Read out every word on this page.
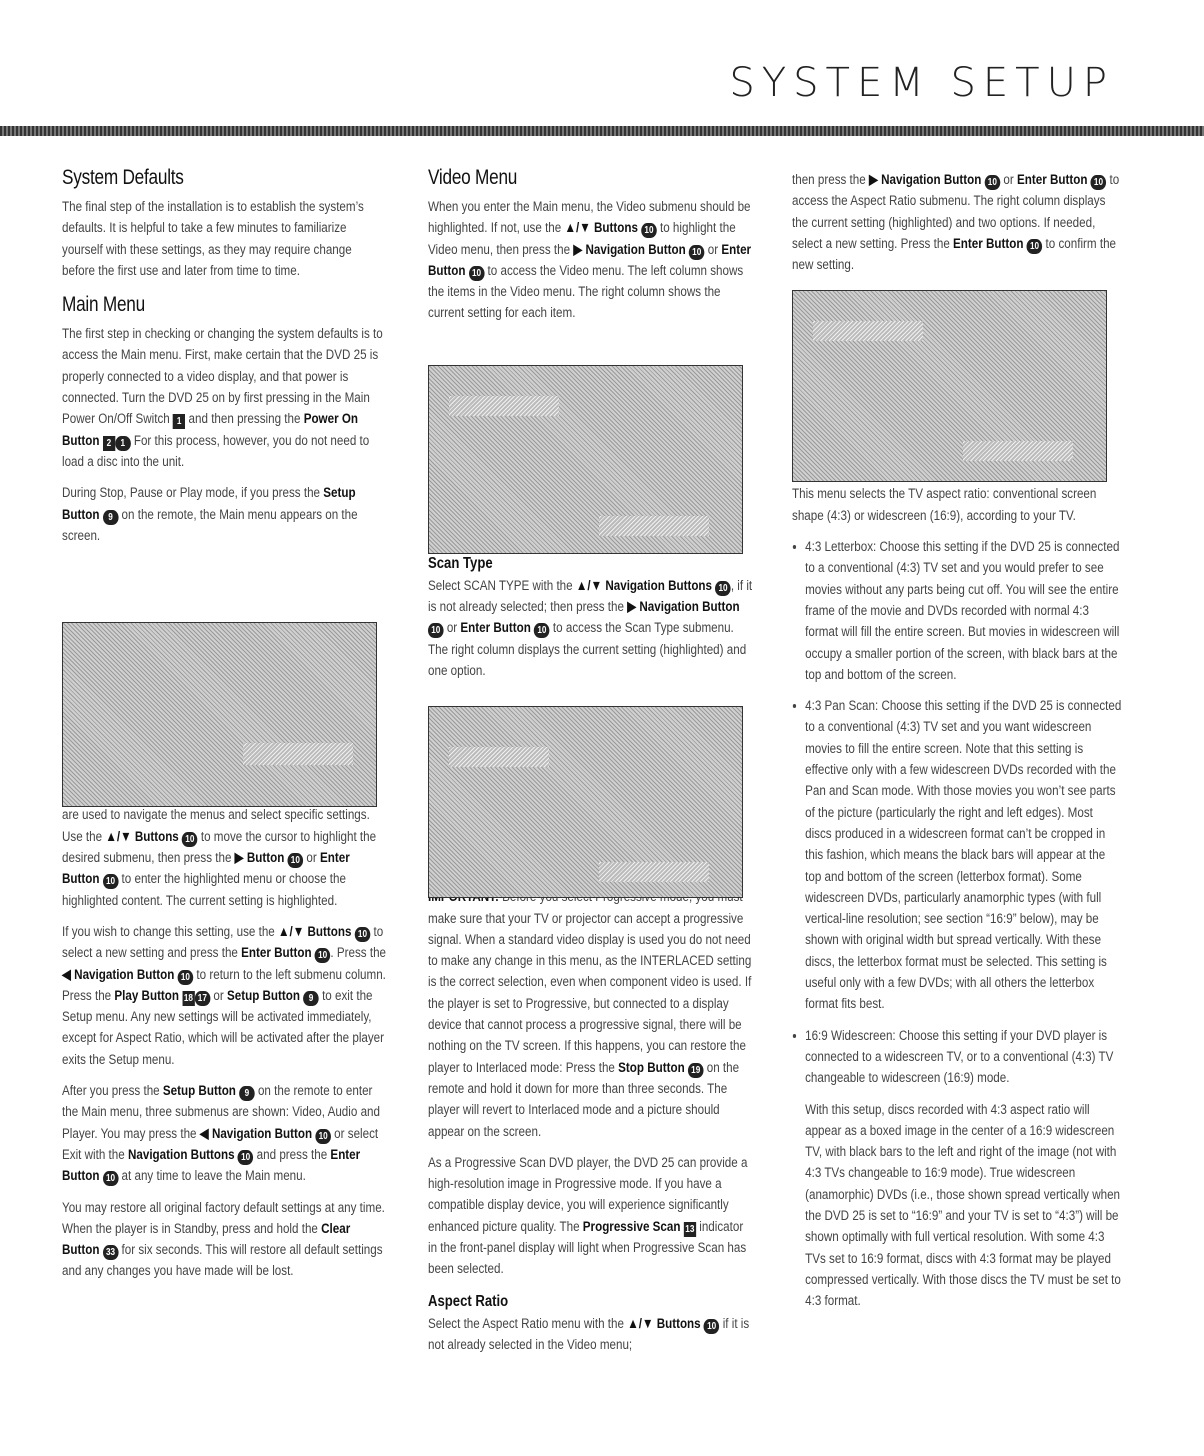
SYSTEM SETUP
System Defaults

The final step of the installation is to establish the system’s defaults. It is helpful to take a few minutes to familiarize yourself with these settings, as they may require change before the first use and later from time to time.

Main Menu

The first step in checking or changing the system defaults is to access the Main menu. First, make certain that the DVD 25 is properly connected to a video display, and that power is connected. Turn the DVD 25 on by first pressing in the Main Power On/Off Switch 1 and then pressing the Power On Button 2 1 For this process, however, you do not need to load a disc into the unit.

During Stop, Pause or Play mode, if you press the Setup Button 9 on the remote, the Main menu appears on the screen.

are used to navigate the menus and select specific settings. Use the ▲/▼ Buttons 10 to move the cursor to highlight the desired submenu, then press the ▶ Button 10 or Enter Button 10 to enter the highlighted menu or choose the highlighted content. The current setting is highlighted.

If you wish to change this setting, use the ▲/▼ Buttons 10 to select a new setting and press the Enter Button 10 . Press the ◀ Navigation Button 10 to return to the left submenu column. Press the Play Button 18 17 or Setup Button 9 to exit the Setup menu. Any new settings will be activated immediately, except for Aspect Ratio, which will be activated after the player exits the Setup menu.

After you press the Setup Button 9 on the remote to enter the Main menu, three submenus are shown: Video, Audio and Player. You may press the ◀ Navigation Button 10 or select Exit with the Navigation Buttons 10 and press the Enter Button 10 at any time to leave the Main menu.

You may restore all original factory default settings at any time. When the player is in Standby, press and hold the Clear Button 33 for six seconds. This will restore all default settings and any changes you have made will be lost.

Video Menu

When you enter the Main menu, the Video submenu should be highlighted. If not, use the ▲/▼ Buttons 10 to highlight the Video menu, then press the ▶ Navigation Button 10 or Enter Button 10 to access the Video menu. The left column shows the items in the Video menu. The right column shows the current setting for each item.

Scan Type

Select SCAN TYPE with the ▲/▼ Navigation Buttons 10 , if it is not already selected; then press the ▶ Navigation Button 10 or Enter Button 10 to access the Scan Type submenu. The right column displays the current setting (highlighted) and one option.

make sure that your TV or projector can accept a progressive signal. When a standard video display is used you do not need to make any change in this menu, as the INTERLACED setting is the correct selection, even when component video is used. If the player is set to Progressive, but connected to a display device that cannot process a progressive signal, there will be nothing on the TV screen. If this happens, you can restore the player to Interlaced mode: Press the Stop Button 19 on the remote and hold it down for more than three seconds. The player will revert to Interlaced mode and a picture should appear on the screen.

As a Progressive Scan DVD player, the DVD 25 can provide a high-resolution image in Progressive mode. If you have a compatible display device, you will experience significantly enhanced picture quality. The Progressive Scan 13 indicator in the front-panel display will light when Progressive Scan has been selected.

Aspect Ratio

Select the Aspect Ratio menu with the ▲/▼ Buttons 10 if it is not already selected in the Video menu;

then press the ▶ Navigation Button 10 or Enter Button 10 to access the Aspect Ratio submenu. The right column displays the current setting (highlighted) and two options. If needed, select a new setting. Press the Enter Button 10 to confirm the new setting.

This menu selects the TV aspect ratio: conventional screen shape (4:3) or widescreen (16:9), according to your TV.

• 4:3 Letterbox: Choose this setting if the DVD 25 is connected to a conventional (4:3) TV set and you would prefer to see movies without any parts being cut off. You will see the entire frame of the movie and DVDs recorded with normal 4:3 format will fill the entire screen. But movies in widescreen will occupy a smaller portion of the screen, with black bars at the top and bottom of the screen.
• 4:3 Pan Scan: Choose this setting if the DVD 25 is connected to a conventional (4:3) TV set and you want widescreen movies to fill the entire screen. Note that this setting is effective only with a few widescreen DVDs recorded with the Pan and Scan mode. With those movies you won’t see parts of the picture (particularly the right and left edges). Most discs produced in a widescreen format can’t be cropped in this fashion, which means the black bars will appear at the top and bottom of the screen (letterbox format). Some widescreen DVDs, particularly anamorphic types (with full vertical-line resolution; see section “16:9” below), may be shown with original width but spread vertically. With these discs, the letterbox format must be selected. This setting is useful only with a few DVDs; with all others the letterbox format fits best.
• 16:9 Widescreen: Choose this setting if your DVD player is connected to a widescreen TV, or to a conventional (4:3) TV changeable to widescreen (16:9) mode.

With this setup, discs recorded with 4:3 aspect ratio will appear as a boxed image in the center of a 16:9 widescreen TV, with black bars to the left and right of the image (not with 4:3 TVs changeable to 16:9 mode). True widescreen (anamorphic) DVDs (i.e., those shown spread vertically when the DVD 25 is set to “16:9” and your TV is set to “4:3”) will be shown optimally with full vertical resolution. With some 4:3 TVs set to 16:9 format, discs with 4:3 format may be played compressed vertically. With those discs the TV must be set to 4:3 format.
